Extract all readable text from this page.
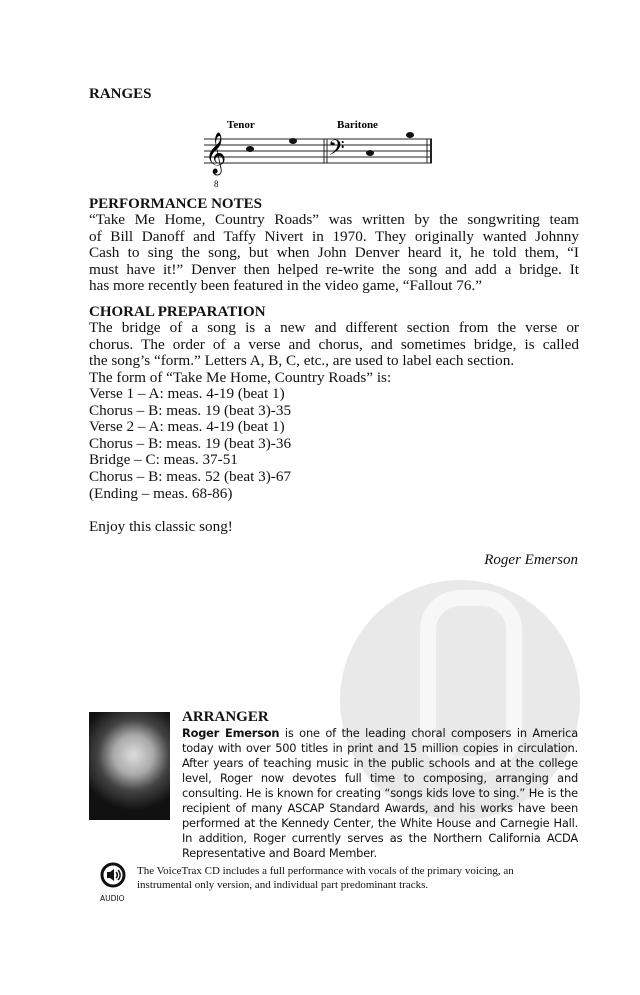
RANGES
Tenor	Baritone
𝄞
8
𝄢
PERFORMANCE NOTES
“Take Me Home, Country Roads” was written by the songwriting team
of Bill Danoff and Taffy Nivert in 1970. They originally wanted Johnny
Cash to sing the song, but when John Denver heard it, he told them, “I
must have it!” Denver then helped re-write the song and add a bridge. It
has more recently been featured in the video game, “Fallout 76.”
CHORAL PREPARATION
The bridge of a song is a new and different section from the verse or
chorus. The order of a verse and chorus, and sometimes bridge, is called
the song’s “form.” Letters A, B, C, etc., are used to label each section.
The form of “Take Me Home, Country Roads” is:
Verse 1 – A: meas. 4-19 (beat 1)
Chorus – B: meas. 19 (beat 3)-35
Verse 2 – A: meas. 4-19 (beat 1)
Chorus – B: meas. 19 (beat 3)-36
Bridge – C: meas. 37-51
Chorus – B: meas. 52 (beat 3)-67
(Ending – meas. 68-86)
Enjoy this classic song!
Roger Emerson
ARRANGER
Roger Emerson is one of the leading choral composers in America
today with over 500 titles in print and 15 million copies in circulation.
After years of teaching music in the public schools and at the college
level, Roger now devotes full time to composing, arranging and
consulting. He is known for creating “songs kids love to sing.” He is the
recipient of many ASCAP Standard Awards, and his works have been
performed at the Kennedy Center, the White House and Carnegie Hall.
In addition, Roger currently serves as the Northern California ACDA
Representative and Board Member.
AUDIO
The VoiceTrax CD includes a full performance with vocals of the primary voicing, an
instrumental only version, and individual part predominant tracks.
